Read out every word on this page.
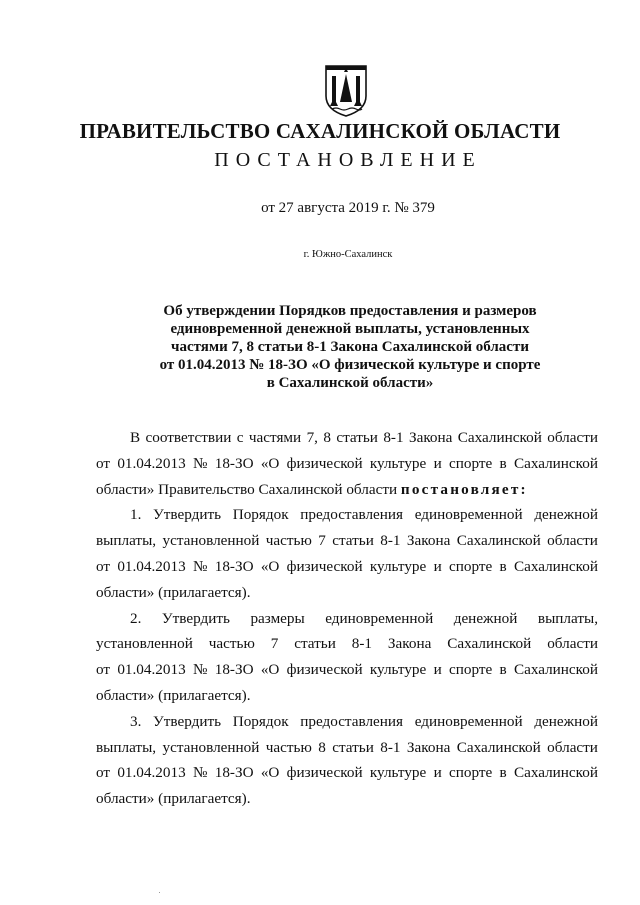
ПРАВИТЕЛЬСТВО САХАЛИНСКОЙ ОБЛАСТИ
ПОСТАНОВЛЕНИЕ
от 27 августа 2019 г. № 379
г. Южно-Сахалинск
Об утверждении Порядков предоставления и размеров
единовременной денежной выплаты, установленных
частями 7, 8 статьи 8-1 Закона Сахалинской области
от 01.04.2013 № 18-ЗО «О физической культуре и спорте
в Сахалинской области»
В соответствии с частями 7, 8 статьи 8-1 Закона Сахалинской области
от 01.04.2013 № 18-ЗО «О физической культуре и спорте в Сахалинской
области» Правительство Сахалинской области постановляет:
1. Утвердить Порядок предоставления единовременной денежной
выплаты, установленной частью 7 статьи 8-1 Закона Сахалинской области
от 01.04.2013 № 18-ЗО «О физической культуре и спорте в Сахалинской
области» (прилагается).
2. Утвердить размеры единовременной денежной выплаты,
установленной частью 7 статьи 8-1 Закона Сахалинской области
от 01.04.2013 № 18-ЗО «О физической культуре и спорте в Сахалинской
области» (прилагается).
3. Утвердить Порядок предоставления единовременной денежной
выплаты, установленной частью 8 статьи 8-1 Закона Сахалинской области
от 01.04.2013 № 18-ЗО «О физической культуре и спорте в Сахалинской
области» (прилагается).
